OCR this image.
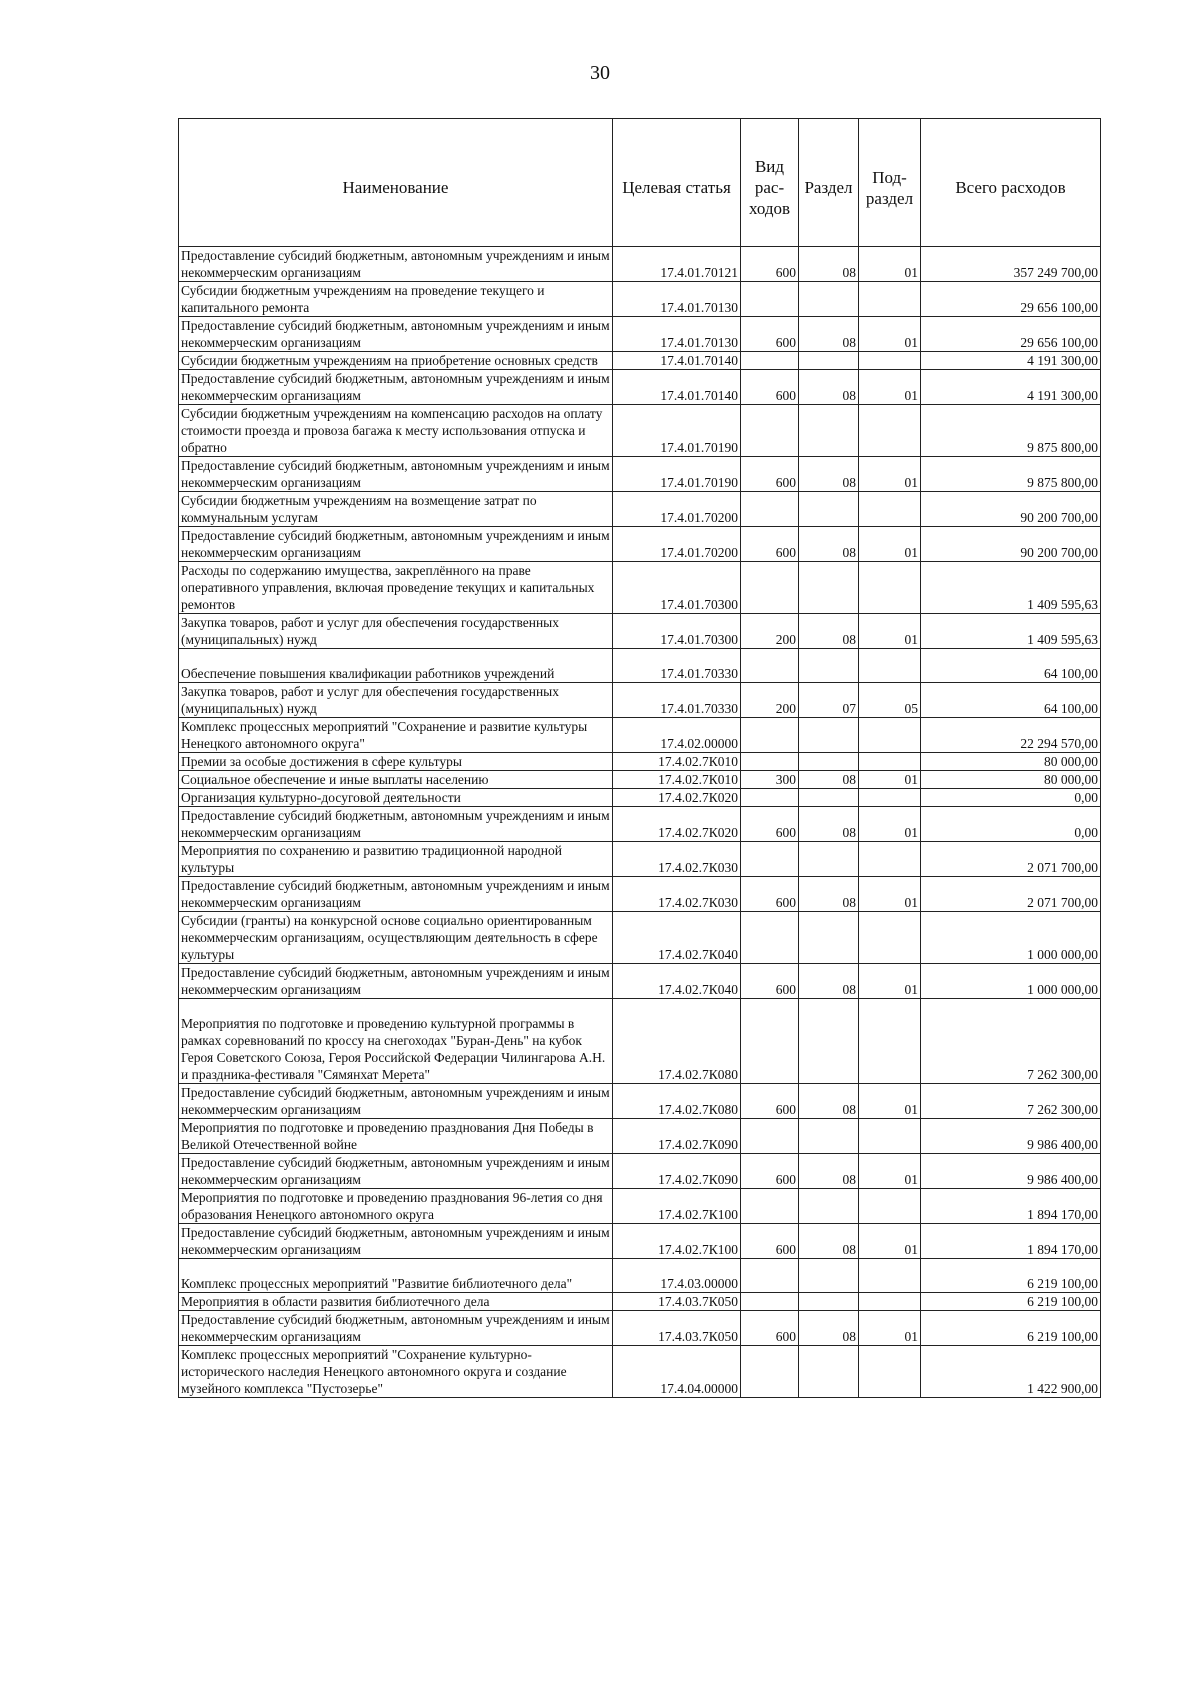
30
Наименование	Целевая статья	Вид рас- ходов	Раздел	Под- раздел	Всего расходов
Предоставление субсидий бюджетным, автономным учреждениям и иным некоммерческим организациям	17.4.01.70121	600	08	01	357 249 700,00
Субсидии бюджетным учреждениям на проведение текущего и капитального ремонта	17.4.01.70130				29 656 100,00
Предоставление субсидий бюджетным, автономным учреждениям и иным некоммерческим организациям	17.4.01.70130	600	08	01	29 656 100,00
Субсидии бюджетным учреждениям на приобретение основных средств	17.4.01.70140				4 191 300,00
Предоставление субсидий бюджетным, автономным учреждениям и иным некоммерческим организациям	17.4.01.70140	600	08	01	4 191 300,00
Субсидии бюджетным учреждениям на компенсацию расходов на оплату стоимости проезда и провоза багажа к месту использования отпуска и обратно	17.4.01.70190				9 875 800,00
Предоставление субсидий бюджетным, автономным учреждениям и иным некоммерческим организациям	17.4.01.70190	600	08	01	9 875 800,00
Субсидии бюджетным учреждениям на возмещение затрат по коммунальным услугам	17.4.01.70200				90 200 700,00
Предоставление субсидий бюджетным, автономным учреждениям и иным некоммерческим организациям	17.4.01.70200	600	08	01	90 200 700,00
Расходы по содержанию имущества, закреплённого на праве оперативного управления, включая проведение текущих и капитальных ремонтов	17.4.01.70300				1 409 595,63
Закупка товаров, работ и услуг для обеспечения государственных (муниципальных) нужд	17.4.01.70300	200	08	01	1 409 595,63
Обеспечение повышения квалификации работников учреждений	17.4.01.70330				64 100,00
Закупка товаров, работ и услуг для обеспечения государственных (муниципальных) нужд	17.4.01.70330	200	07	05	64 100,00
Комплекс процессных мероприятий "Сохранение и развитие культуры Ненецкого автономного округа"	17.4.02.00000				22 294 570,00
Премии за особые достижения в сфере культуры	17.4.02.7К010				80 000,00
Социальное обеспечение и иные выплаты населению	17.4.02.7К010	300	08	01	80 000,00
Организация культурно-досуговой деятельности	17.4.02.7К020				0,00
Предоставление субсидий бюджетным, автономным учреждениям и иным некоммерческим организациям	17.4.02.7К020	600	08	01	0,00
Мероприятия по сохранению и развитию традиционной народной культуры	17.4.02.7К030				2 071 700,00
Предоставление субсидий бюджетным, автономным учреждениям и иным некоммерческим организациям	17.4.02.7К030	600	08	01	2 071 700,00
Субсидии (гранты) на конкурсной основе социально ориентированным некоммерческим организациям, осуществляющим деятельность в сфере культуры	17.4.02.7К040				1 000 000,00
Предоставление субсидий бюджетным, автономным учреждениям и иным некоммерческим организациям	17.4.02.7К040	600	08	01	1 000 000,00
Мероприятия по подготовке и проведению культурной программы в рамках соревнований по кроссу на снегоходах "Буран-День" на кубок Героя Советского Союза, Героя Российской Федерации Чилингарова А.Н. и праздника-фестиваля "Сямянхат Мерета"	17.4.02.7К080				7 262 300,00
Предоставление субсидий бюджетным, автономным учреждениям и иным некоммерческим организациям	17.4.02.7К080	600	08	01	7 262 300,00
Мероприятия по подготовке и проведению празднования Дня Победы в Великой Отечественной войне	17.4.02.7К090				9 986 400,00
Предоставление субсидий бюджетным, автономным учреждениям и иным некоммерческим организациям	17.4.02.7К090	600	08	01	9 986 400,00
Мероприятия по подготовке и проведению празднования 96-летия со дня образования Ненецкого автономного округа	17.4.02.7К100				1 894 170,00
Предоставление субсидий бюджетным, автономным учреждениям и иным некоммерческим организациям	17.4.02.7К100	600	08	01	1 894 170,00
Комплекс процессных мероприятий "Развитие библиотечного дела"	17.4.03.00000				6 219 100,00
Мероприятия в области развития библиотечного дела	17.4.03.7К050				6 219 100,00
Предоставление субсидий бюджетным, автономным учреждениям и иным некоммерческим организациям	17.4.03.7К050	600	08	01	6 219 100,00
Комплекс процессных мероприятий "Сохранение культурно-исторического наследия Ненецкого автономного округа и создание музейного комплекса "Пустозерье"	17.4.04.00000				1 422 900,00
